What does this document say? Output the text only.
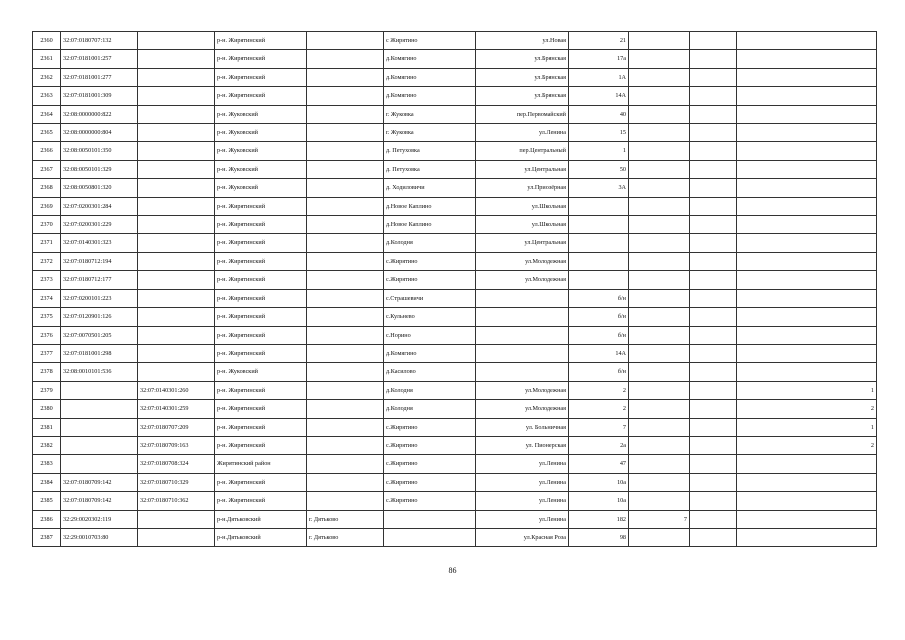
2360	32:07:0180707:132		р-н. Жирятинский		с Жирятино	ул.Новая	21			
2361	32:07:0181001:257		р-н. Жирятинский		д.Комягино	ул.Брянская	17а			
2362	32:07:0181001:277		р-н. Жирятинский		д.Комягино	ул.Брянская	1А			
2363	32:07:0181001:309		р-н. Жирятинский		д.Комягино	ул.Брянская	14А			
2364	32:08:0000000:822		р-н. Жуковский		г. Жуковка	пер.Первомайский	40			
2365	32:08:0000000:804		р-н. Жуковский		г. Жуковка	ул.Ленина	15			
2366	32:08:0050101:350		р-н. Жуковский		д. Петуховка	пер.Центральный	1			
2367	32:08:0050101:329		р-н. Жуковский		д. Петуховка	ул.Центральная	50			
2368	32:08:0050801:320		р-н. Жуковский		д. Ходиловичи	ул.Приозёрная	3А			
2369	32:07:0200301:284		р-н. Жирятинский		д.Новое Каплино	ул.Школьная				
2370	32:07:0200301:229		р-н. Жирятинский		д.Новое Каплино	ул.Школьная				
2371	32:07:0140301:323		р-н. Жирятинский		д.Колодня	ул.Центральная				
2372	32:07:0180712:194		р-н. Жирятинский		с.Жирятино	ул.Молодежная				
2373	32:07:0180712:177		р-н. Жирятинский		с.Жирятино	ул.Молодежная				
2374	32:07:0200101:223		р-н. Жирятинский		с.Страшевичи		б/н			
2375	32:07:0120901:126		р-н. Жирятинский		с.Кульнево		б/н			
2376	32:07:0070501:205		р-н. Жирятинский		с.Норино		б/н			
2377	32:07:0181001:298		р-н. Жирятинский		д.Комягино		14А			
2378	32:08:0010101:536		р-н. Жуковский		д.Касилово		б/н			
2379		32:07:0140301:260	р-н. Жирятинский		д.Колодня	ул.Молодежная	2			1
2380		32:07:0140301:259	р-н. Жирятинский		д.Колодня	ул.Молодежная	2			2
2381		32:07:0180707:209	р-н. Жирятинский		с.Жирятино	ул. Больничная	7			1
2382		32:07:0180709:163	р-н. Жирятинский		с.Жирятино	ул. Пионерская	2а			2
2383		32:07:0180708:324	Жирятинский район		с.Жирятино	ул.Ленина	47			
2384	32:07:0180709:142	32:07:0180710:329	р-н. Жирятинский		с.Жирятино	ул.Ленина	10а			
2385	32:07:0180709:142	32:07:0180710:362	р-н. Жирятинский		с.Жирятино	ул.Ленина	10а			
2386	32:29:0020302:119		р-н.Дятьковский	г. Дятьково		ул.Ленина	182	7		
2387	32:29:0010703:80		р-н.Дятьковский	г. Дятьково		ул.Красная Роза	98			
86
